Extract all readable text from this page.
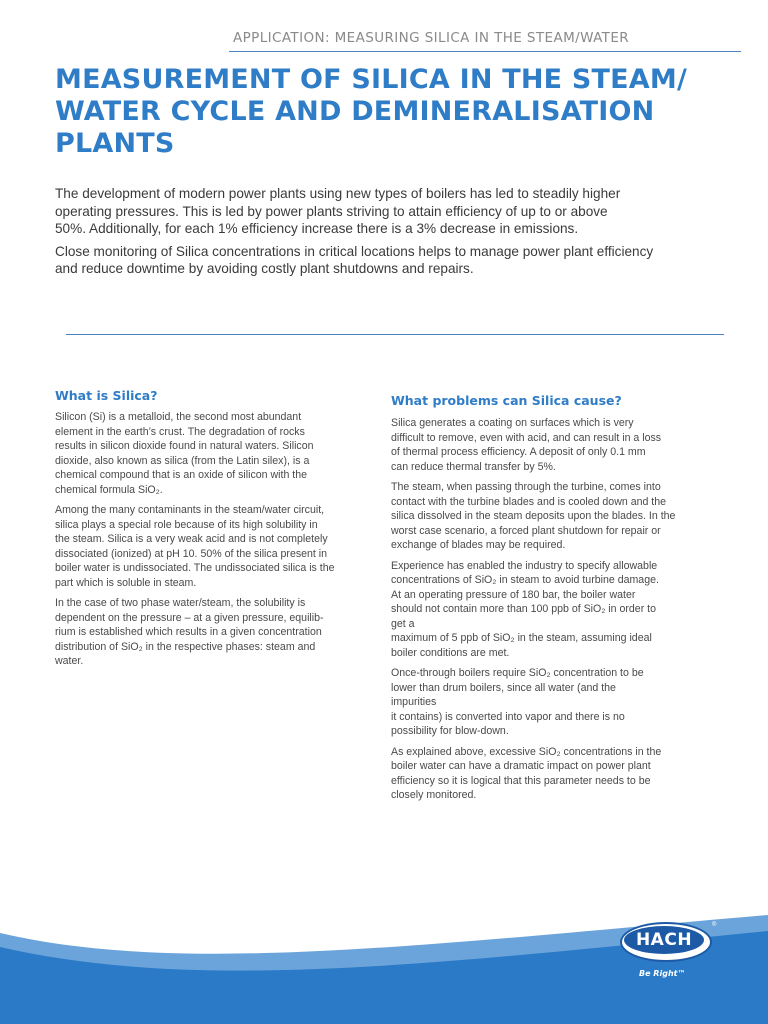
APPLICATION: MEASURING SILICA IN THE STEAM/WATER
MEASUREMENT OF SILICA IN THE STEAM/
WATER CYCLE AND DEMINERALISATION
PLANTS

The development of modern power plants using new types of boilers has led to steadily higher
operating pressures. This is led by power plants striving to attain efficiency of up to or above
50%. Additionally, for each 1% efficiency increase there is a 3% decrease in emissions.

Close monitoring of Silica concentrations in critical locations helps to manage power plant efficiency
and reduce downtime by avoiding costly plant shutdowns and repairs.

What is Silica?

Silicon (Si) is a metalloid, the second most abundant
element in the earth’s crust. The degradation of rocks
results in silicon dioxide found in natural waters. Silicon
dioxide, also known as silica (from the Latin silex), is a
chemical compound that is an oxide of silicon with the
chemical formula SiO₂.

Among the many contaminants in the steam/water circuit,
silica plays a special role because of its high solubility in
the steam. Silica is a very weak acid and is not completely
dissociated (ionized) at pH 10. 50% of the silica present in
boiler water is undissociated. The undissociated silica is the
part which is soluble in steam.

In the case of two phase water/steam, the solubility is
dependent on the pressure – at a given pressure, equilib-
rium is established which results in a given concentration
distribution of SiO₂ in the respective phases: steam and
water.

What problems can Silica cause?

Silica generates a coating on surfaces which is very
difficult to remove, even with acid, and can result in a loss
of thermal process efficiency. A deposit of only 0.1 mm
can reduce thermal transfer by 5%.

The steam, when passing through the turbine, comes into
contact with the turbine blades and is cooled down and the
silica dissolved in the steam deposits upon the blades. In the
worst case scenario, a forced plant shutdown for repair or
exchange of blades may be required.

Experience has enabled the industry to specify allowable
concentrations of SiO₂ in steam to avoid turbine damage.
At an operating pressure of 180 bar, the boiler water
should not contain more than 100 ppb of SiO₂ in order to
get a
maximum of 5 ppb of SiO₂ in the steam, assuming ideal
boiler conditions are met.

Once-through boilers require SiO₂ concentration to be
lower than drum boilers, since all water (and the
impurities
it contains) is converted into vapor and there is no
possibility for blow-down.

As explained above, excessive SiO₂ concentrations in the
boiler water can have a dramatic impact on power plant
efficiency so it is logical that this parameter needs to be
closely monitored.

HACH
®
Be Right™
